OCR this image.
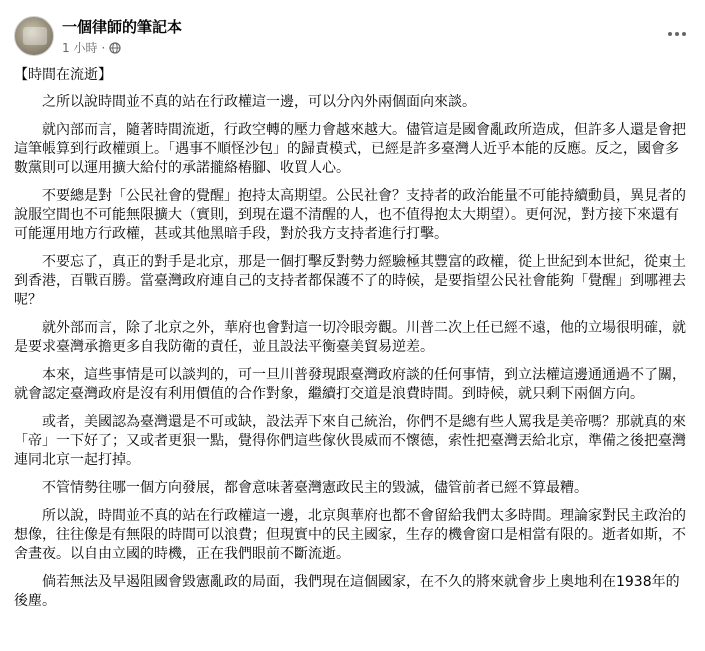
一個律師的筆記本
1 小時 ·

【時間在流逝】

之所以說時間並不真的站在行政權這一邊，可以分內外兩個面向來談。

就內部而言，隨著時間流逝，行政空轉的壓力會越來越大。儘管這是國會亂政所造成，但許多人還是會把這筆帳算到行政權頭上。「遇事不順怪沙包」的歸責模式，已經是許多臺灣人近乎本能的反應。反之，國會多數黨則可以運用擴大給付的承諾攏絡樁腳、收買人心。

不要總是對「公民社會的覺醒」抱持太高期望。公民社會？支持者的政治能量不可能持續動員，異見者的說服空間也不可能無限擴大（實則，到現在還不清醒的人，也不值得抱太大期望）。更何況，對方接下來還有可能運用地方行政權，甚或其他黑暗手段，對於我方支持者進行打擊。

不要忘了，真正的對手是北京，那是一個打擊反對勢力經驗極其豐富的政權，從上世紀到本世紀，從東土到香港，百戰百勝。當臺灣政府連自己的支持者都保護不了的時候，是要指望公民社會能夠「覺醒」到哪裡去呢？

就外部而言，除了北京之外，華府也會對這一切冷眼旁觀。川普二次上任已經不遠，他的立場很明確，就是要求臺灣承擔更多自我防衛的責任，並且設法平衡臺美貿易逆差。

本來，這些事情是可以談判的，可一旦川普發現跟臺灣政府談的任何事情，到立法權這邊通通過不了關，就會認定臺灣政府是沒有利用價值的合作對象，繼續打交道是浪費時間。到時候，就只剩下兩個方向。

或者，美國認為臺灣還是不可或缺，設法弄下來自己統治，你們不是總有些人罵我是美帝嗎？那就真的來「帝」一下好了；又或者更狠一點，覺得你們這些傢伙畏威而不懷德，索性把臺灣丟給北京，準備之後把臺灣連同北京一起打掉。

不管情勢往哪一個方向發展，都會意味著臺灣憲政民主的毀滅，儘管前者已經不算最糟。

所以說，時間並不真的站在行政權這一邊，北京與華府也都不會留給我們太多時間。理論家對民主政治的想像，往往像是有無限的時間可以浪費；但現實中的民主國家，生存的機會窗口是相當有限的。逝者如斯，不舍晝夜。以自由立國的時機，正在我們眼前不斷流逝。

倘若無法及早遏阻國會毀憲亂政的局面，我們現在這個國家，在不久的將來就會步上奧地利在1938年的後塵。
